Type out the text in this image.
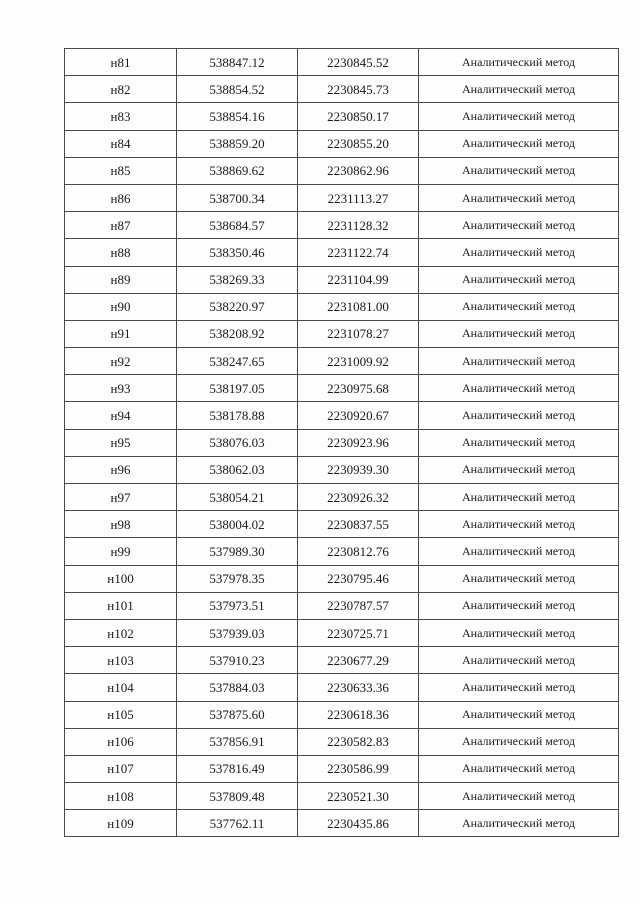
н81	538847.12	2230845.52	Аналитический метод
н82	538854.52	2230845.73	Аналитический метод
н83	538854.16	2230850.17	Аналитический метод
н84	538859.20	2230855.20	Аналитический метод
н85	538869.62	2230862.96	Аналитический метод
н86	538700.34	2231113.27	Аналитический метод
н87	538684.57	2231128.32	Аналитический метод
н88	538350.46	2231122.74	Аналитический метод
н89	538269.33	2231104.99	Аналитический метод
н90	538220.97	2231081.00	Аналитический метод
н91	538208.92	2231078.27	Аналитический метод
н92	538247.65	2231009.92	Аналитический метод
н93	538197.05	2230975.68	Аналитический метод
н94	538178.88	2230920.67	Аналитический метод
н95	538076.03	2230923.96	Аналитический метод
н96	538062.03	2230939.30	Аналитический метод
н97	538054.21	2230926.32	Аналитический метод
н98	538004.02	2230837.55	Аналитический метод
н99	537989.30	2230812.76	Аналитический метод
н100	537978.35	2230795.46	Аналитический метод
н101	537973.51	2230787.57	Аналитический метод
н102	537939.03	2230725.71	Аналитический метод
н103	537910.23	2230677.29	Аналитический метод
н104	537884.03	2230633.36	Аналитический метод
н105	537875.60	2230618.36	Аналитический метод
н106	537856.91	2230582.83	Аналитический метод
н107	537816.49	2230586.99	Аналитический метод
н108	537809.48	2230521.30	Аналитический метод
н109	537762.11	2230435.86	Аналитический метод
